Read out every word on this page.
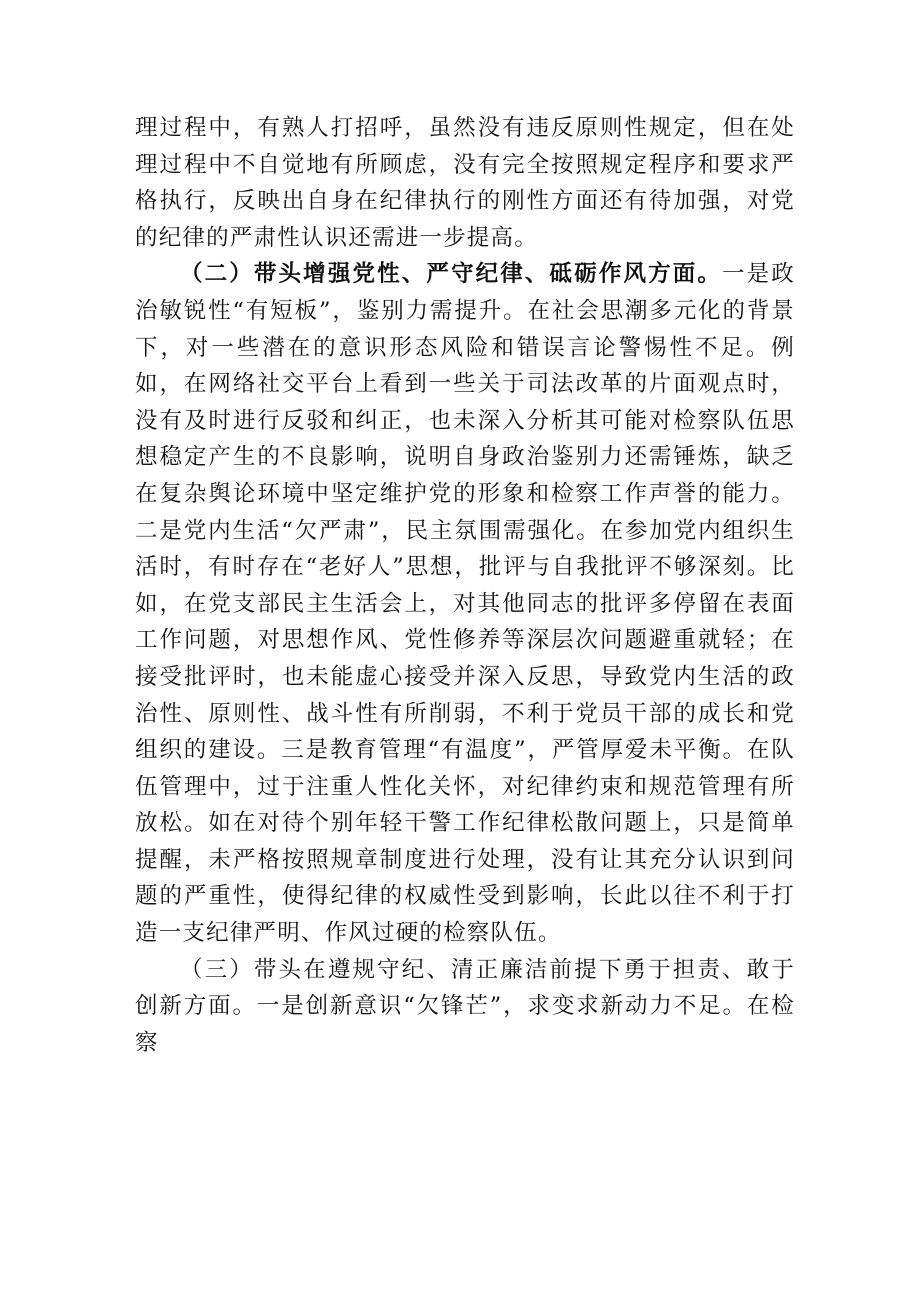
理过程中，有熟人打招呼，虽然没有违反原则性规定，但在处理过程中不自觉地有所顾虑，没有完全按照规定程序和要求严格执行，反映出自身在纪律执行的刚性方面还有待加强，对党的纪律的严肃性认识还需进一步提高。

（二）带头增强党性、严守纪律、砥砺作风方面。一是政治敏锐性“有短板”，鉴别力需提升。在社会思潮多元化的背景下，对一些潜在的意识形态风险和错误言论警惕性不足。例如，在网络社交平台上看到一些关于司法改革的片面观点时，没有及时进行反驳和纠正，也未深入分析其可能对检察队伍思想稳定产生的不良影响，说明自身政治鉴别力还需锤炼，缺乏在复杂舆论环境中坚定维护党的形象和检察工作声誉的能力。二是党内生活“欠严肃”，民主氛围需强化。在参加党内组织生活时，有时存在“老好人”思想，批评与自我批评不够深刻。比如，在党支部民主生活会上，对其他同志的批评多停留在表面工作问题，对思想作风、党性修养等深层次问题避重就轻；在接受批评时，也未能虚心接受并深入反思，导致党内生活的政治性、原则性、战斗性有所削弱，不利于党员干部的成长和党组织的建设。三是教育管理“有温度”，严管厚爱未平衡。在队伍管理中，过于注重人性化关怀，对纪律约束和规范管理有所放松。如在对待个别年轻干警工作纪律松散问题上，只是简单提醒，未严格按照规章制度进行处理，没有让其充分认识到问题的严重性，使得纪律的权威性受到影响，长此以往不利于打造一支纪律严明、作风过硬的检察队伍。

（三）带头在遵规守纪、清正廉洁前提下勇于担责、敢于创新方面。一是创新意识“欠锋芒”，求变求新动力不足。在检察
